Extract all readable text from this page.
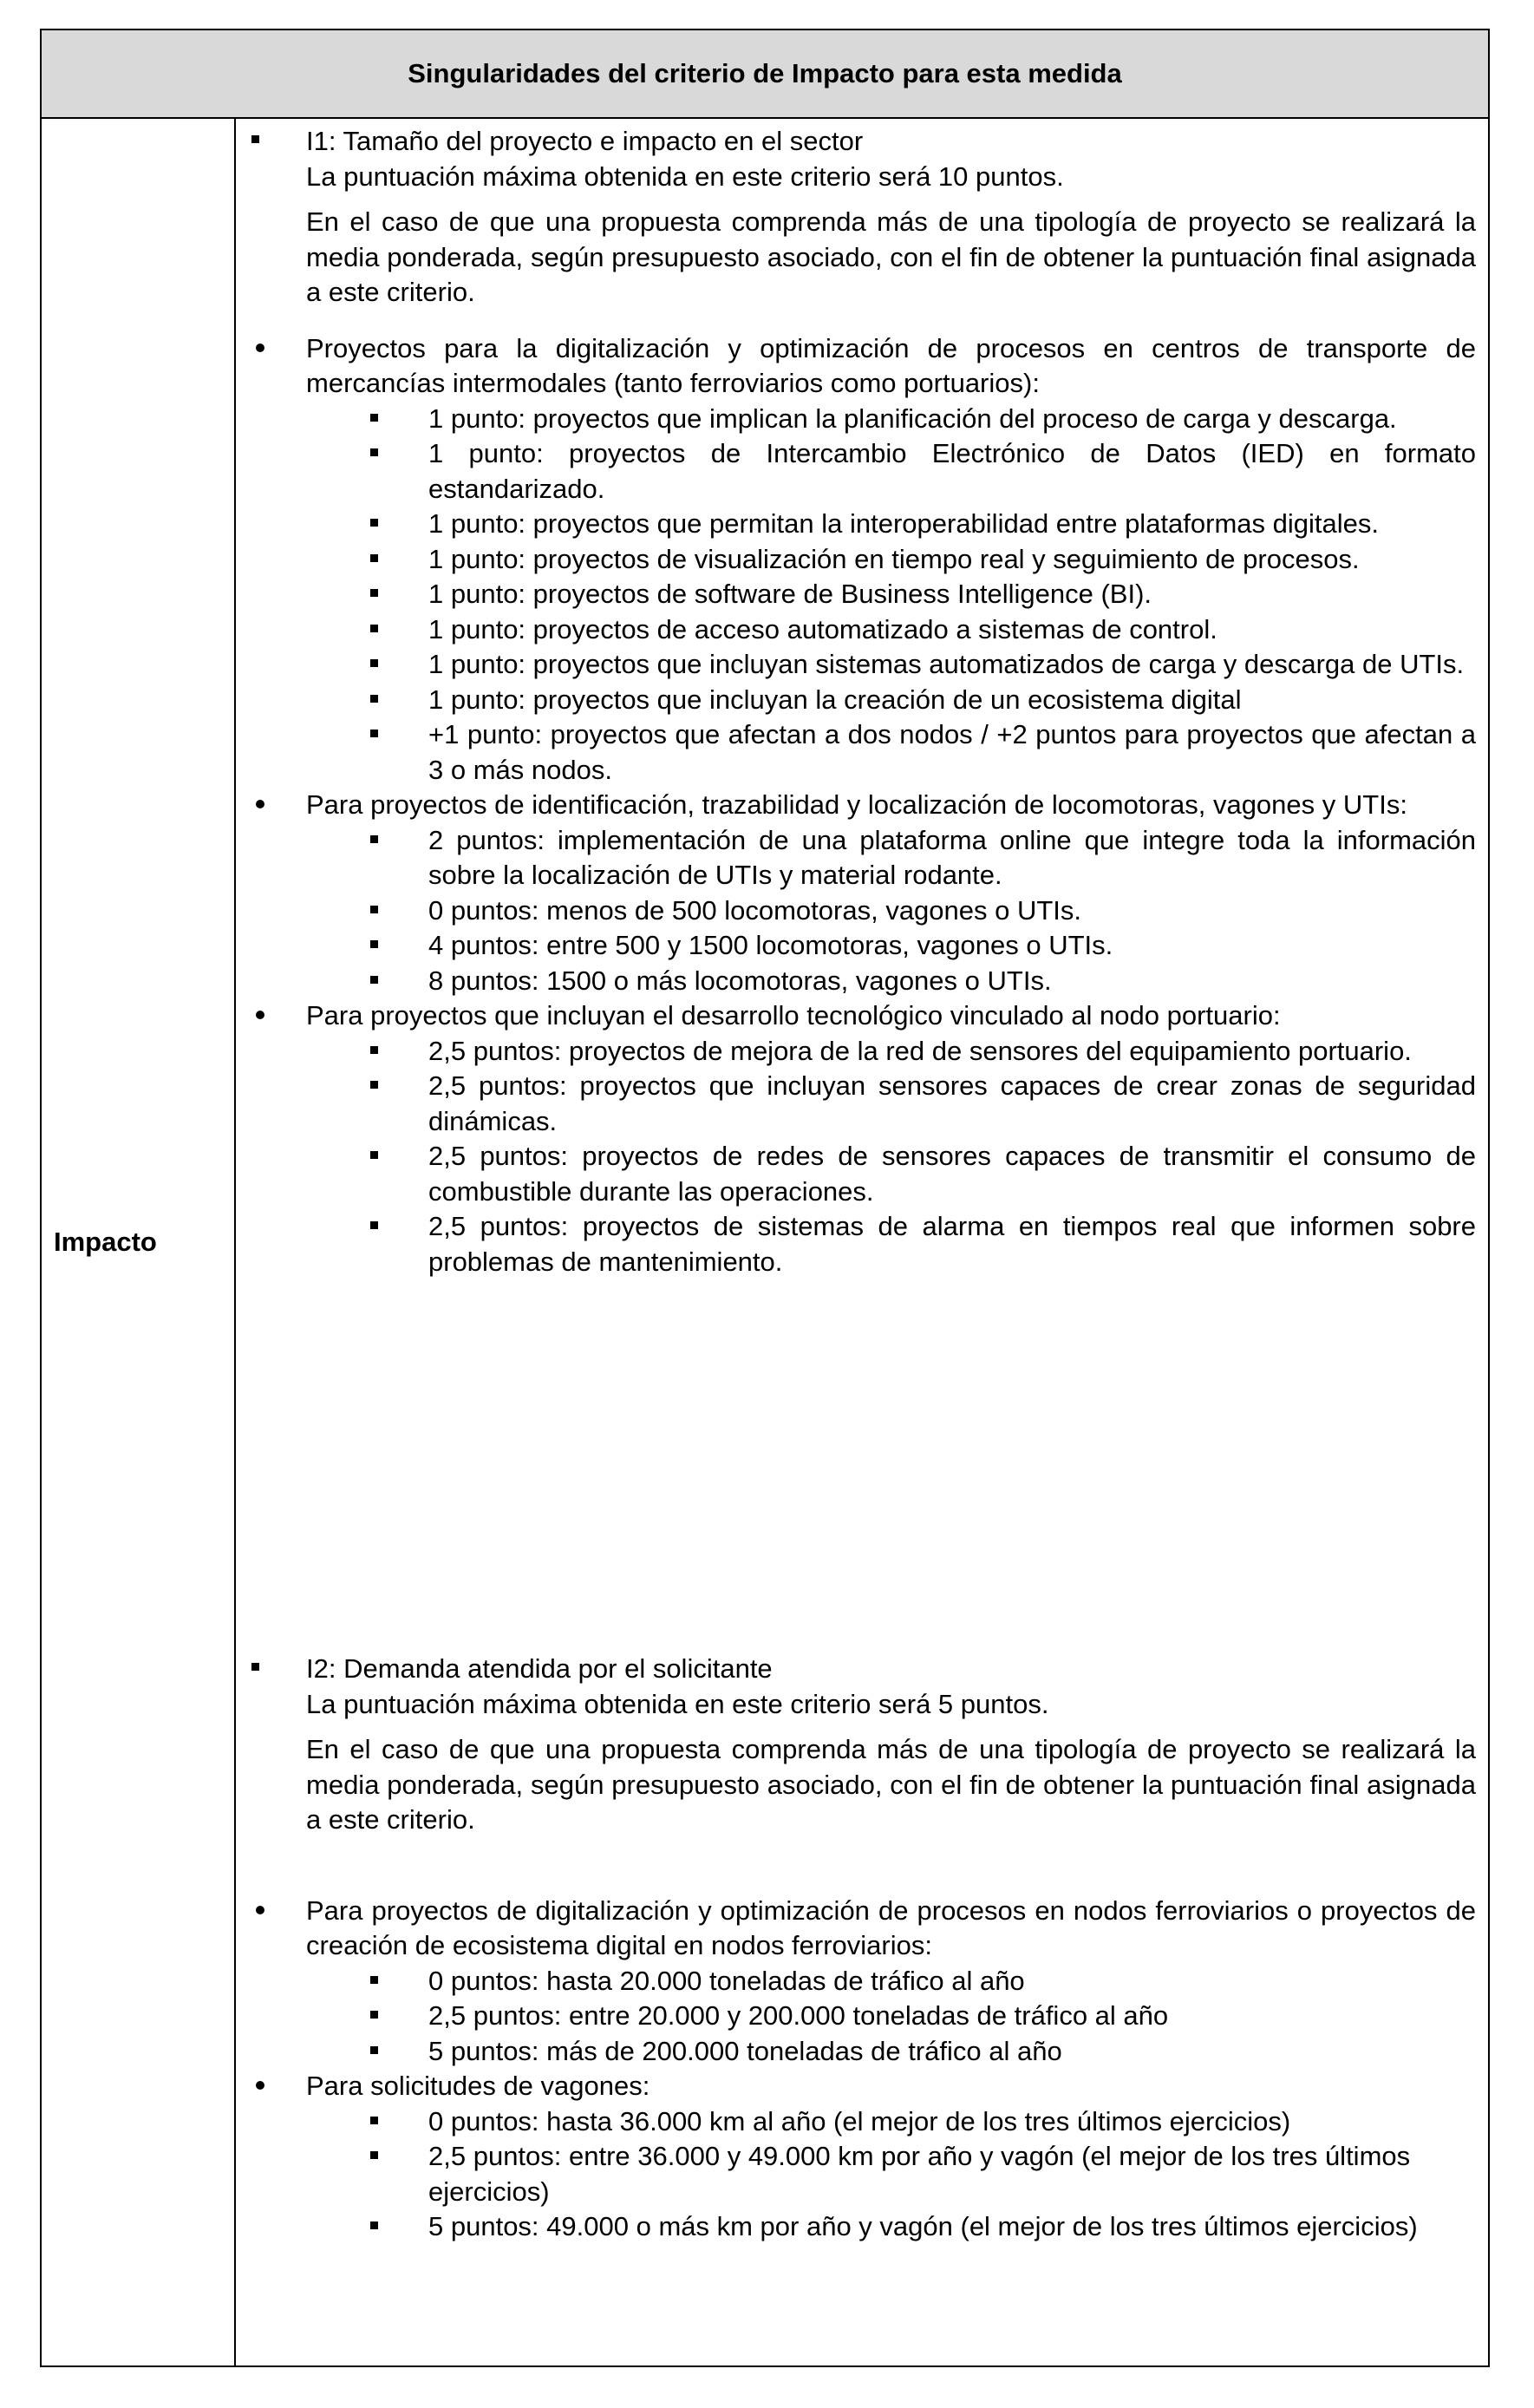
Singularidades del criterio de Impacto para esta medida
Impacto
I1: Tamaño del proyecto e impacto en el sector
La puntuación máxima obtenida en este criterio será 10 puntos.
En el caso de que una propuesta comprenda más de una tipología de proyecto se realizará la media ponderada, según presupuesto asociado, con el fin de obtener la puntuación final asignada a este criterio.
Proyectos para la digitalización y optimización de procesos en centros de transporte de mercancías intermodales (tanto ferroviarios como portuarios):
1 punto: proyectos que implican la planificación del proceso de carga y descarga.
1 punto: proyectos de Intercambio Electrónico de Datos (IED) en formato estandarizado.
1 punto: proyectos que permitan la interoperabilidad entre plataformas digitales.
1 punto: proyectos de visualización en tiempo real y seguimiento de procesos.
1 punto: proyectos de software de Business Intelligence (BI).
1 punto: proyectos de acceso automatizado a sistemas de control.
1 punto: proyectos que incluyan sistemas automatizados de carga y descarga de UTIs.
1 punto: proyectos que incluyan la creación de un ecosistema digital
+1 punto: proyectos que afectan a dos nodos / +2 puntos para proyectos que afectan a 3 o más nodos.
Para proyectos de identificación, trazabilidad y localización de locomotoras, vagones y UTIs:
2 puntos: implementación de una plataforma online que integre toda la información sobre la localización de UTIs y material rodante.
0 puntos: menos de 500 locomotoras, vagones o UTIs.
4 puntos: entre 500 y 1500 locomotoras, vagones o UTIs.
8 puntos: 1500 o más locomotoras, vagones o UTIs.
Para proyectos que incluyan el desarrollo tecnológico vinculado al nodo portuario:
2,5 puntos: proyectos de mejora de la red de sensores del equipamiento portuario.
2,5 puntos: proyectos que incluyan sensores capaces de crear zonas de seguridad dinámicas.
2,5 puntos: proyectos de redes de sensores capaces de transmitir el consumo de combustible durante las operaciones.
2,5 puntos: proyectos de sistemas de alarma en tiempos real que informen sobre problemas de mantenimiento.
I2: Demanda atendida por el solicitante
La puntuación máxima obtenida en este criterio será 5 puntos.
En el caso de que una propuesta comprenda más de una tipología de proyecto se realizará la media ponderada, según presupuesto asociado, con el fin de obtener la puntuación final asignada a este criterio.
Para proyectos de digitalización y optimización de procesos en nodos ferroviarios o proyectos de creación de ecosistema digital en nodos ferroviarios:
0 puntos: hasta 20.000 toneladas de tráfico al año
2,5 puntos: entre 20.000 y 200.000 toneladas de tráfico al año
5 puntos: más de 200.000 toneladas de tráfico al año
Para solicitudes de vagones:
0 puntos: hasta 36.000 km al año (el mejor de los tres últimos ejercicios)
2,5 puntos: entre 36.000 y 49.000 km por año y vagón (el mejor de los tres últimos ejercicios)
5 puntos: 49.000 o más km por año y vagón (el mejor de los tres últimos ejercicios)
